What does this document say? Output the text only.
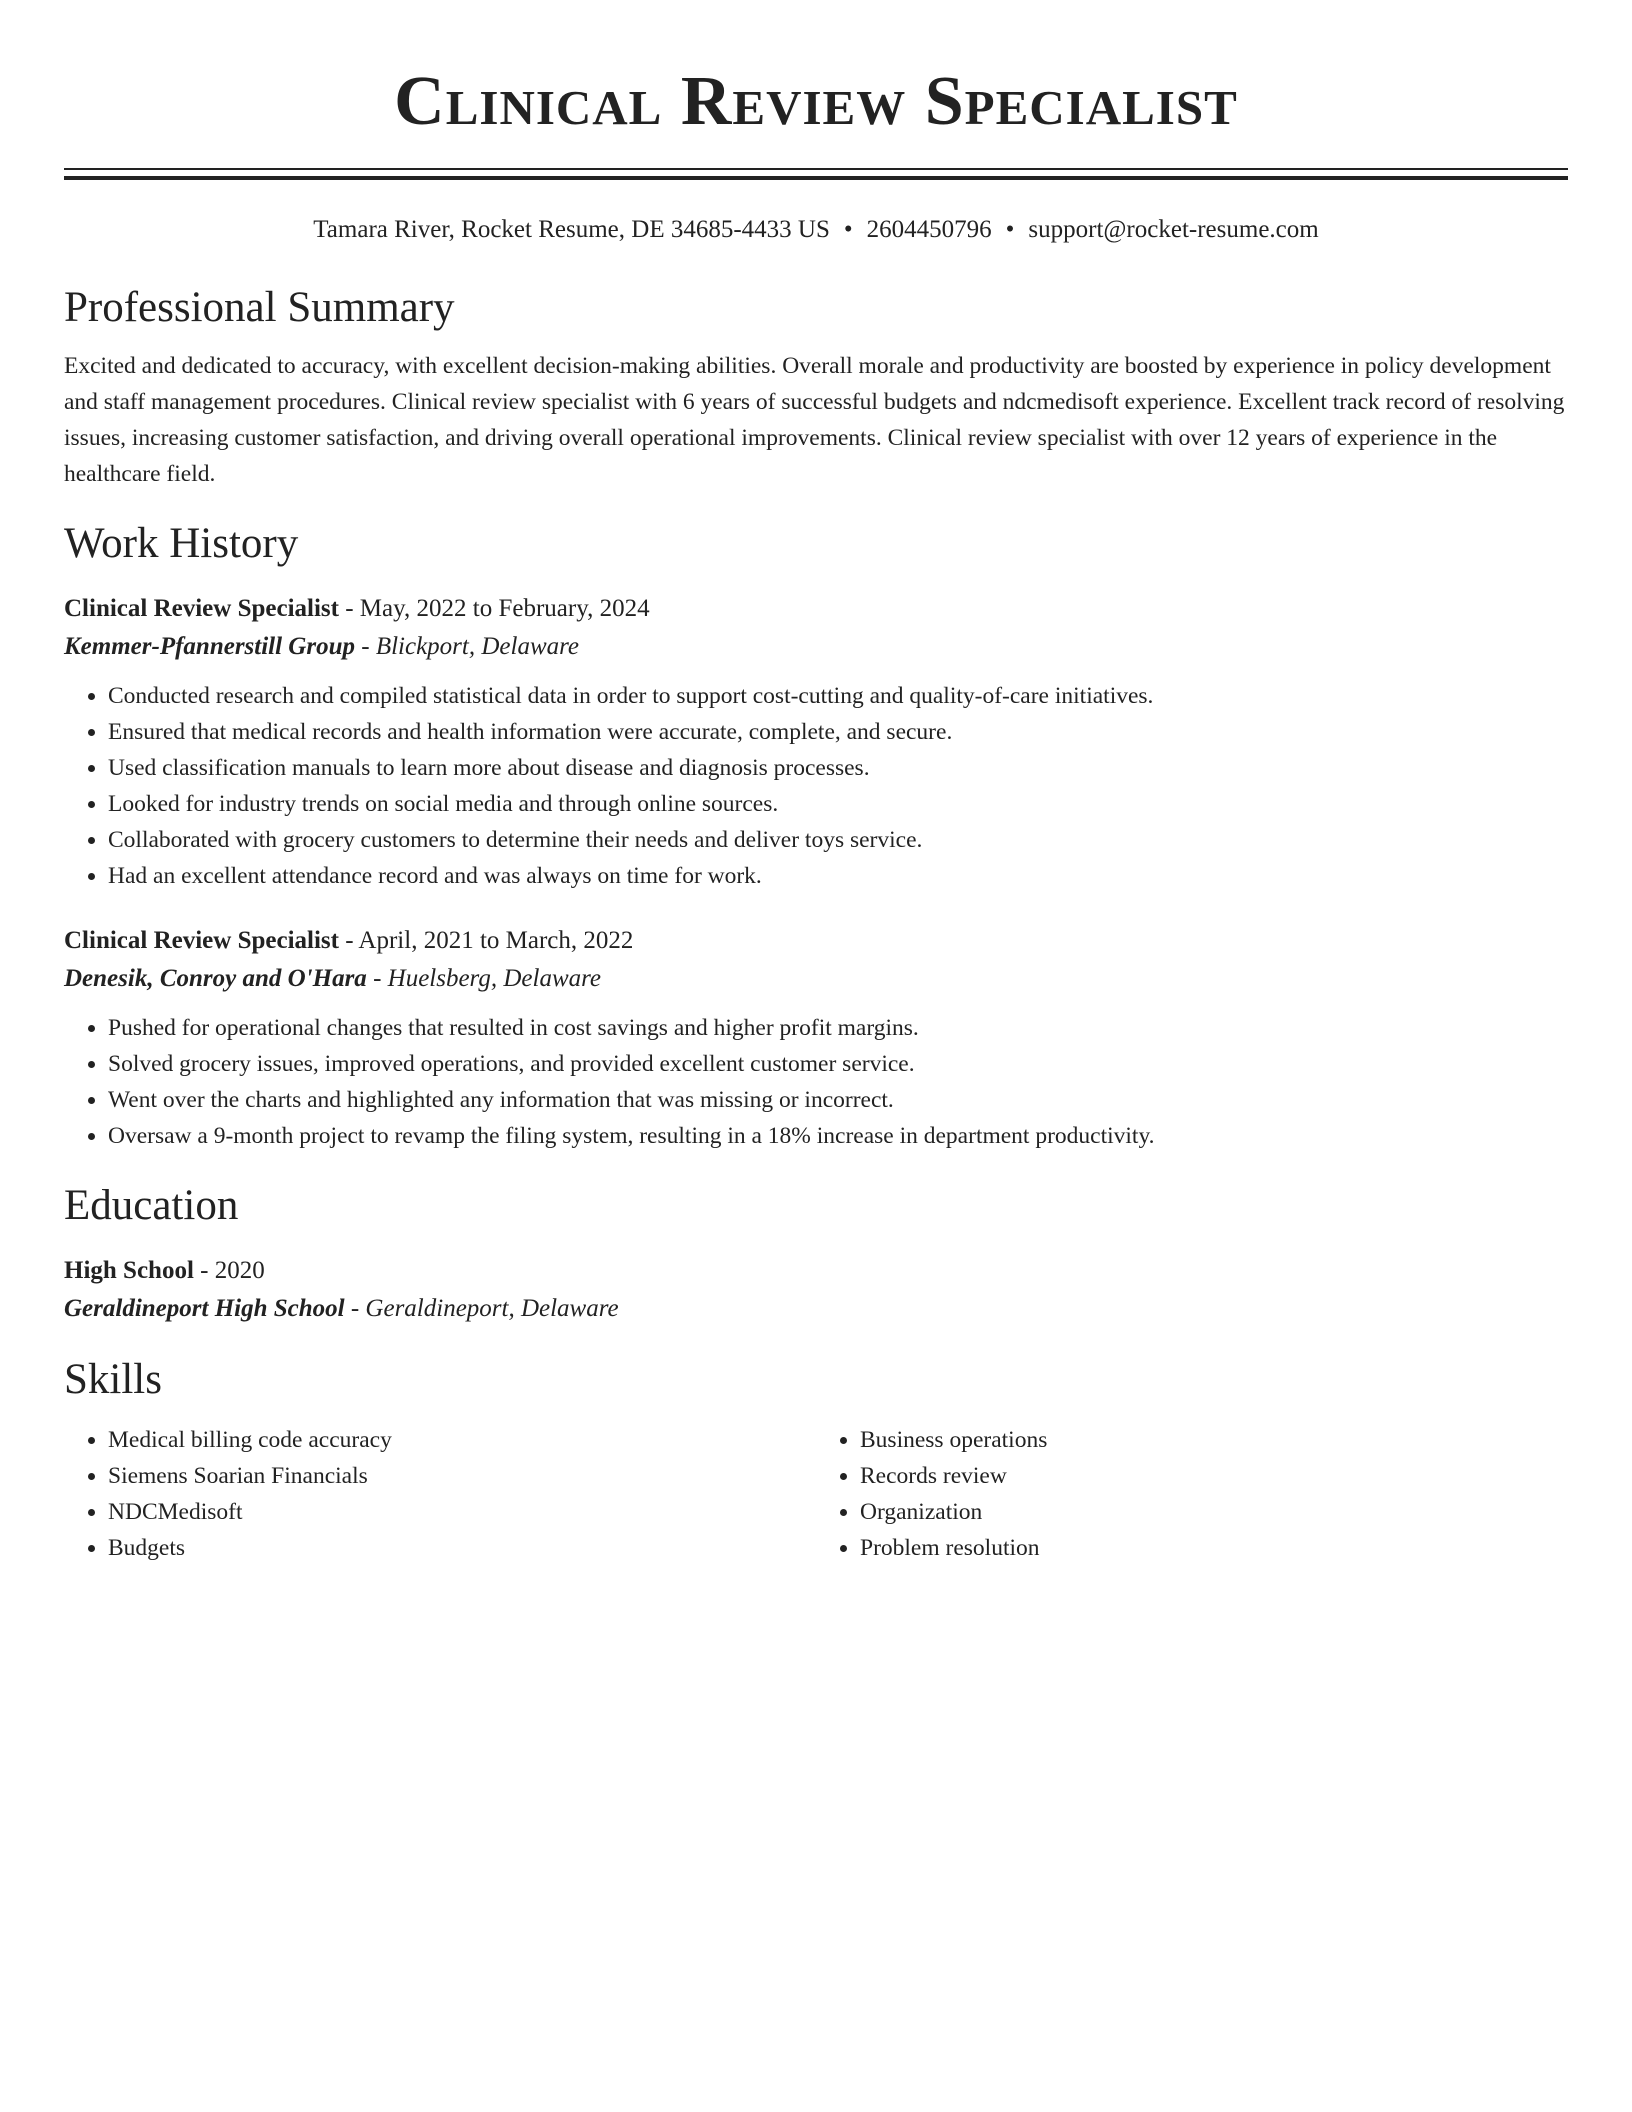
Clinical Review Specialist
Tamara River, Rocket Resume, DE 34685-4433 US • 2604450796 • support@rocket-resume.com
Professional Summary

Excited and dedicated to accuracy, with excellent decision-making abilities. Overall morale and productivity are boosted by experience in policy development and staff management procedures. Clinical review specialist with 6 years of successful budgets and ndcmedisoft experience. Excellent track record of resolving issues, increasing customer satisfaction, and driving overall operational improvements. Clinical review specialist with over 12 years of experience in the healthcare field.

Work History
Clinical Review Specialist - May, 2022 to February, 2024
Kemmer-Pfannerstill Group - Blickport, Delaware
• Conducted research and compiled statistical data in order to support cost-cutting and quality-of-care initiatives.
• Ensured that medical records and health information were accurate, complete, and secure.
• Used classification manuals to learn more about disease and diagnosis processes.
• Looked for industry trends on social media and through online sources.
• Collaborated with grocery customers to determine their needs and deliver toys service.
• Had an excellent attendance record and was always on time for work.
Clinical Review Specialist - April, 2021 to March, 2022
Denesik, Conroy and O'Hara - Huelsberg, Delaware
• Pushed for operational changes that resulted in cost savings and higher profit margins.
• Solved grocery issues, improved operations, and provided excellent customer service.
• Went over the charts and highlighted any information that was missing or incorrect.
• Oversaw a 9-month project to revamp the filing system, resulting in a 18% increase in department productivity.
Education
High School - 2020
Geraldineport High School - Geraldineport, Delaware
Skills
• Medical billing code accuracy
• Siemens Soarian Financials
• NDCMedisoft
• Budgets
• Business operations
• Records review
• Organization
• Problem resolution
